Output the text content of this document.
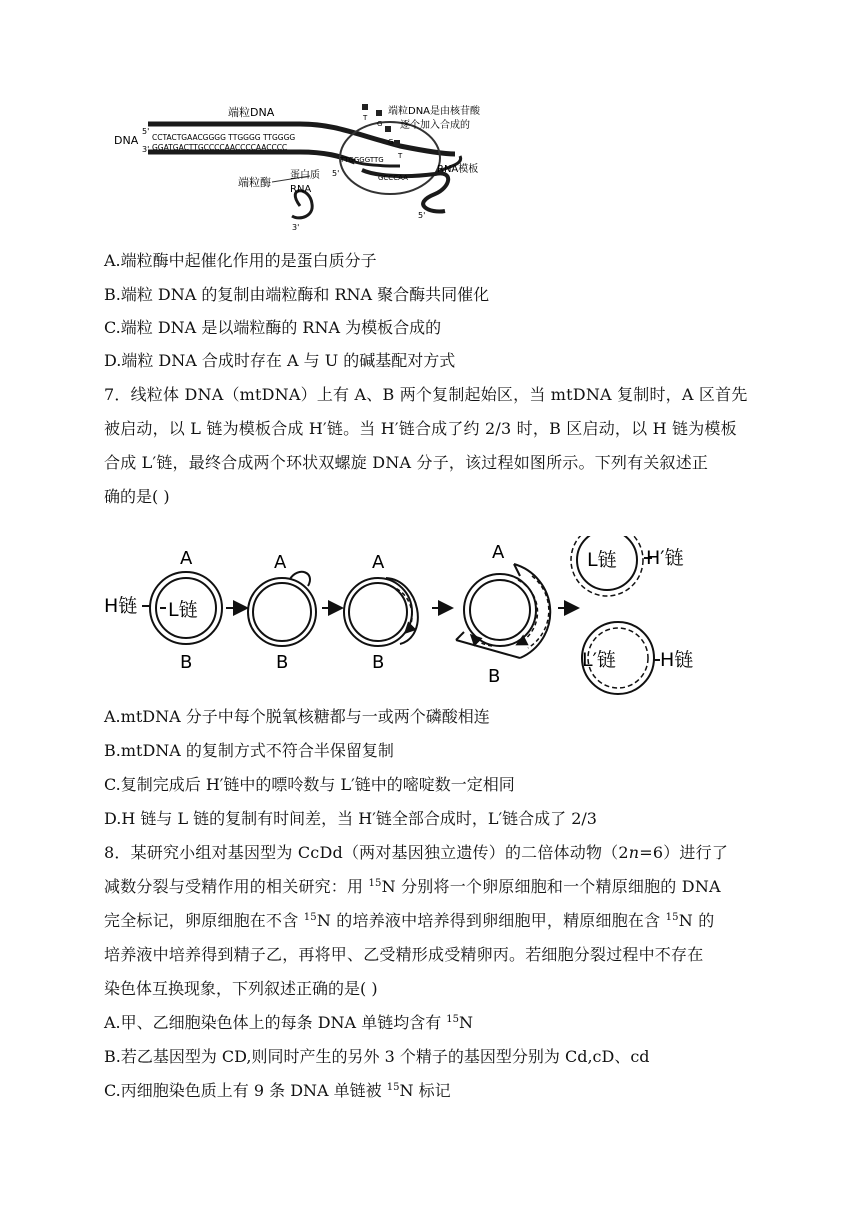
DNA
5'
3'
端粒DNA
CCTACTGAACGGGG TTGGGG TTGGGG
GGATGACTTGCCCCAACCCCAACCCC
TTGGGGTTG
GCCCAA
T
G
G
T
端粒DNA是由核苷酸
逐个加入合成的
端粒酶
蛋白质
RNA
RNA模板
5'
5'
3'
A.端粒酶中起催化作用的是蛋白质分子
B.端粒 DNA 的复制由端粒酶和 RNA 聚合酶共同催化
C.端粒 DNA 是以端粒酶的 RNA 为模板合成的
D.端粒 DNA 合成时存在 A 与 U 的碱基配对方式
7．线粒体 DNA（mtDNA）上有 A、B 两个复制起始区，当 mtDNA 复制时，A 区首先
被启动，以 L 链为模板合成 H′链。当 H′链合成了约 2/3 时，B 区启动，以 H 链为模板
合成 L′链，最终合成两个环状双螺旋 DNA 分子，该过程如图所示。下列有关叙述正
确的是( )
A
H链 L链
B
A
B
A
B
A
B
L链 H′链
L′链 H链
A.mtDNA 分子中每个脱氧核糖都与一或两个磷酸相连
B.mtDNA 的复制方式不符合半保留复制
C.复制完成后 H′链中的嘌呤数与 L′链中的嘧啶数一定相同
D.H 链与 L 链的复制有时间差，当 H′链全部合成时，L′链合成了 2/3
8．某研究小组对基因型为 CcDd（两对基因独立遗传）的二倍体动物（2n=6）进行了
减数分裂与受精作用的相关研究：用 $^{15}$N 分别将一个卵原细胞和一个精原细胞的 DNA
完全标记，卵原细胞在不含 $^{15}$N 的培养液中培养得到卵细胞甲，精原细胞在含 $^{15}$N 的
培养液中培养得到精子乙，再将甲、乙受精形成受精卵丙。若细胞分裂过程中不存在
染色体互换现象，下列叙述正确的是( )
A.甲、乙细胞染色体上的每条 DNA 单链均含有 $^{15}$N
B.若乙基因型为 CD,则同时产生的另外 3 个精子的基因型分别为 Cd,cD、cd
C.丙细胞染色质上有 9 条 DNA 单链被 $^{15}$N 标记
